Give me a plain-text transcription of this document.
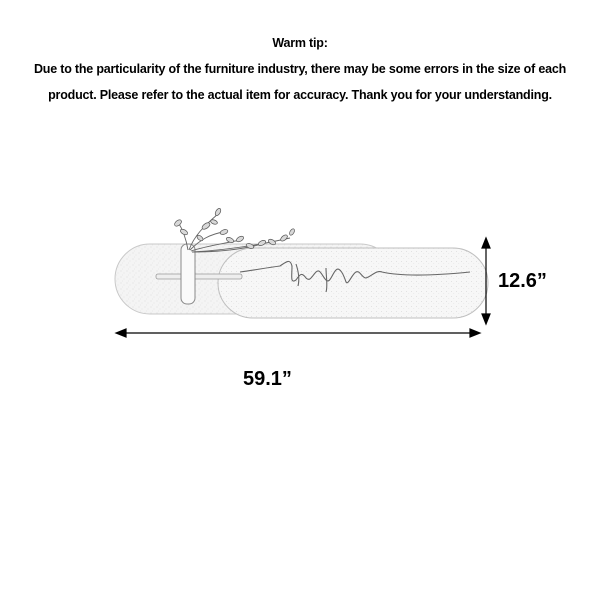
Warm tip:
Due to the particularity of the furniture industry, there may be some errors in the size of each
product. Please refer to the actual item for accuracy. Thank you for your understanding.
59.1”
12.6”
